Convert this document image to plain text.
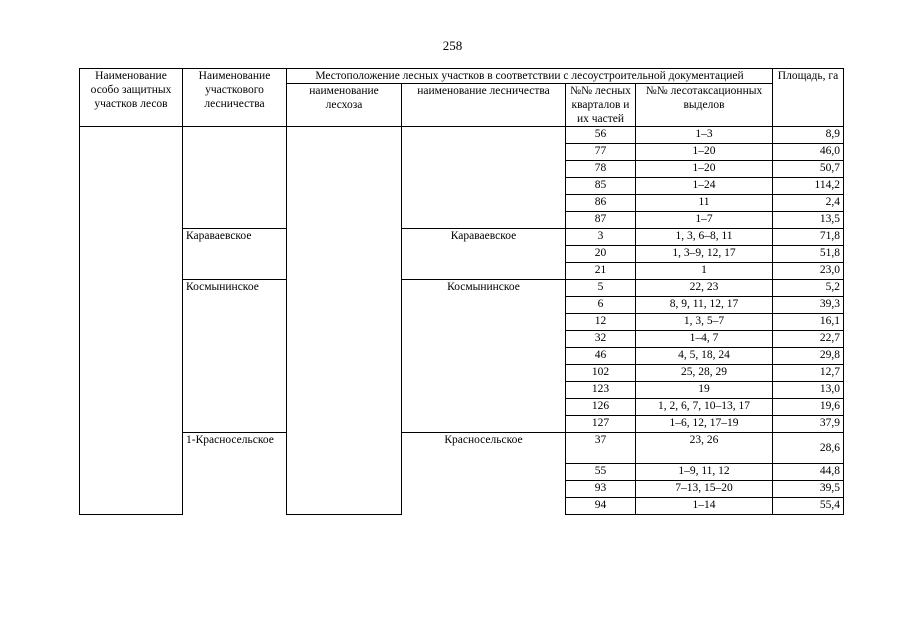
258
Наименование особо защитных участков лесов	Наименование участкового лесничества	Местоположение лесных участков в соответствии с лесоустроительной документацией				Площадь, га
		наименование лесхоза	наименование лесничества	№№ лесных кварталов и их частей	№№ лесотаксационных выделов	
				56	1–3	8,9
				77	1–20	46,0
				78	1–20	50,7
				85	1–24	114,2
				86	11	2,4
				87	1–7	13,5
	Караваевское		Караваевское	3	1, 3, 6–8, 11	71,8
				20	1, 3–9, 12, 17	51,8
				21	1	23,0
	Космынинское		Космынинское	5	22, 23	5,2
				6	8, 9, 11, 12, 17	39,3
				12	1, 3, 5–7	16,1
				32	1–4, 7	22,7
				46	4, 5, 18, 24	29,8
				102	25, 28, 29	12,7
				123	19	13,0
				126	1, 2, 6, 7, 10–13, 17	19,6
				127	1–6, 12, 17–19	37,9
	1-Красносельское		Красносельское	37	23, 26	28,6
				55	1–9, 11, 12	44,8
				93	7–13, 15–20	39,5
				94	1–14	55,4
